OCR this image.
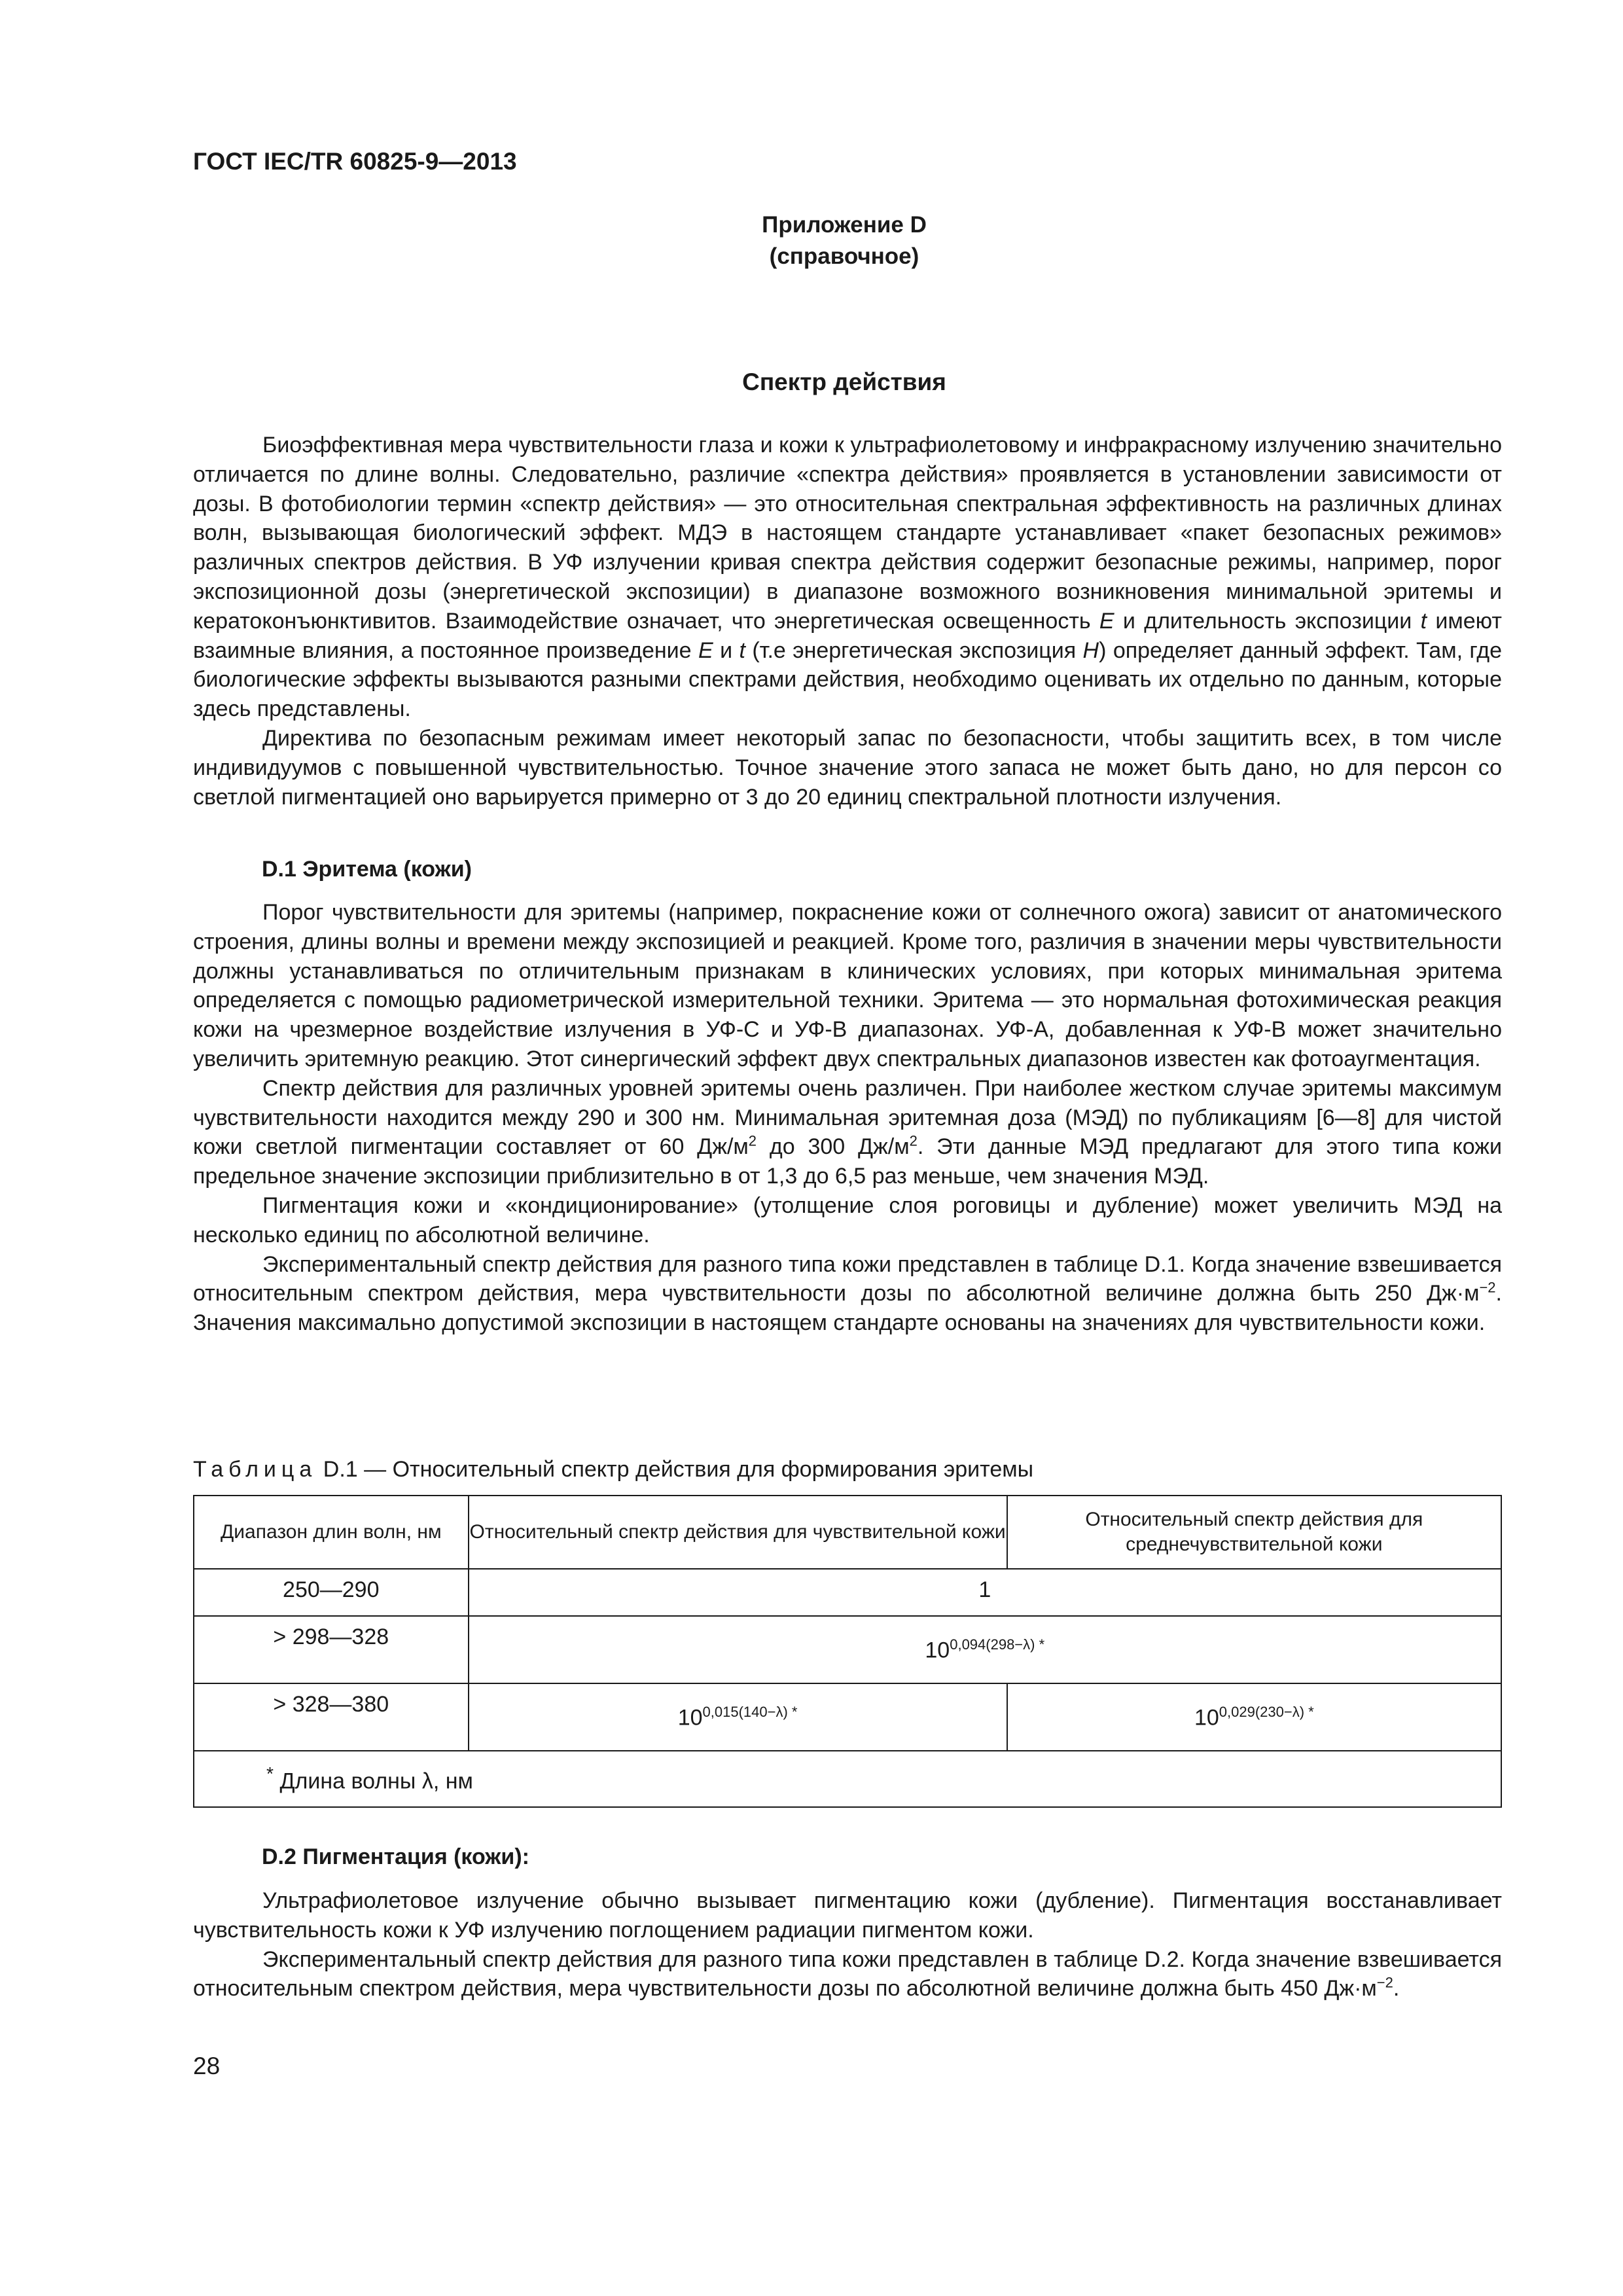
ГОСТ IEC/TR 60825-9—2013
Приложение D
(справочное)
Спектр действия

Биоэффективная мера чувствительности глаза и кожи к ультрафиолетовому и инфракрасному излучению значительно отличается по длине волны. Следовательно, различие «спектра действия» проявляется в установлении зависимости от дозы. В фотобиологии термин «спектр действия» — это относительная спектральная эффективность на различных длинах волн, вызывающая биологический эффект. МДЭ в настоящем стандарте устанавливает «пакет безопасных режимов» различных спектров действия. В УФ излучении кривая спектра действия содержит безопасные режимы, например, порог экспозиционной дозы (энергетической экспозиции) в диапазоне возможного возникновения минимальной эритемы и кератоконъюнктивитов. Взаимодействие означает, что энергетическая освещенность E и длительность экспозиции t имеют взаимные влияния, а постоянное произведение E и t (т.е энергетическая экспозиция H) определяет данный эффект. Там, где биологические эффекты вызываются разными спектрами действия, необходимо оценивать их отдельно по данным, которые здесь представлены.

Директива по безопасным режимам имеет некоторый запас по безопасности, чтобы защитить всех, в том числе индивидуумов с повышенной чувствительностью. Точное значение этого запаса не может быть дано, но для персон со светлой пигментацией оно варьируется примерно от 3 до 20 единиц спектральной плотности излучения.

D.1 Эритема (кожи)

Порог чувствительности для эритемы (например, покраснение кожи от солнечного ожога) зависит от анатомического строения, длины волны и времени между экспозицией и реакцией. Кроме того, различия в значении меры чувствительности должны устанавливаться по отличительным признакам в клинических условиях, при которых минимальная эритема определяется с помощью радиометрической измерительной техники. Эритема — это нормальная фотохимическая реакция кожи на чрезмерное воздействие излучения в УФ-С и УФ-В диапазонах. УФ-А, добавленная к УФ-В может значительно увеличить эритемную реакцию. Этот синергический эффект двух спектральных диапазонов известен как фотоаугментация.

Спектр действия для различных уровней эритемы очень различен. При наиболее жестком случае эритемы максимум чувствительности находится между 290 и 300 нм. Минимальная эритемная доза (МЭД) по публикациям [6—8] для чистой кожи светлой пигментации составляет от 60 $Дж/м^2$ до 300 $Дж/м^2$. Эти данные МЭД предлагают для этого типа кожи предельное значение экспозиции приблизительно в от 1,3 до 6,5 раз меньше, чем значения МЭД.

Пигментация кожи и «кондиционирование» (утолщение слоя роговицы и дубление) может увеличить МЭД на несколько единиц по абсолютной величине.

Экспериментальный спектр действия для разного типа кожи представлен в таблице D.1. Когда значение взвешивается относительным спектром действия, мера чувствительности дозы по абсолютной величине должна быть 250 $Дж\cdot м^{-2}$. Значения максимально допустимой экспозиции в настоящем стандарте основаны на значениях для чувствительности кожи.

Таблица D.1 — Относительный спектр действия для формирования эритемы
Диапазон длин волн, нм	Относительный спектр действия для чувствительной кожи	Относительный спектр действия для среднечувствительной кожи
250—290	1	
> 298—328	$10^{0,094(298-\lambda) *}$
> 328—380	$10^{0,015(140-\lambda) *}$	$10^{0,029(230-\lambda) *}$
* Длина волны λ, нм		
D.2 Пигментация (кожи):

Ультрафиолетовое излучение обычно вызывает пигментацию кожи (дубление). Пигментация восстанавливает чувствительность кожи к УФ излучению поглощением радиации пигментом кожи.

Экспериментальный спектр действия для разного типа кожи представлен в таблице D.2. Когда значение взвешивается относительным спектром действия, мера чувствительности дозы по абсолютной величине должна быть 450 $Дж\cdot м^{-2}$.

28
